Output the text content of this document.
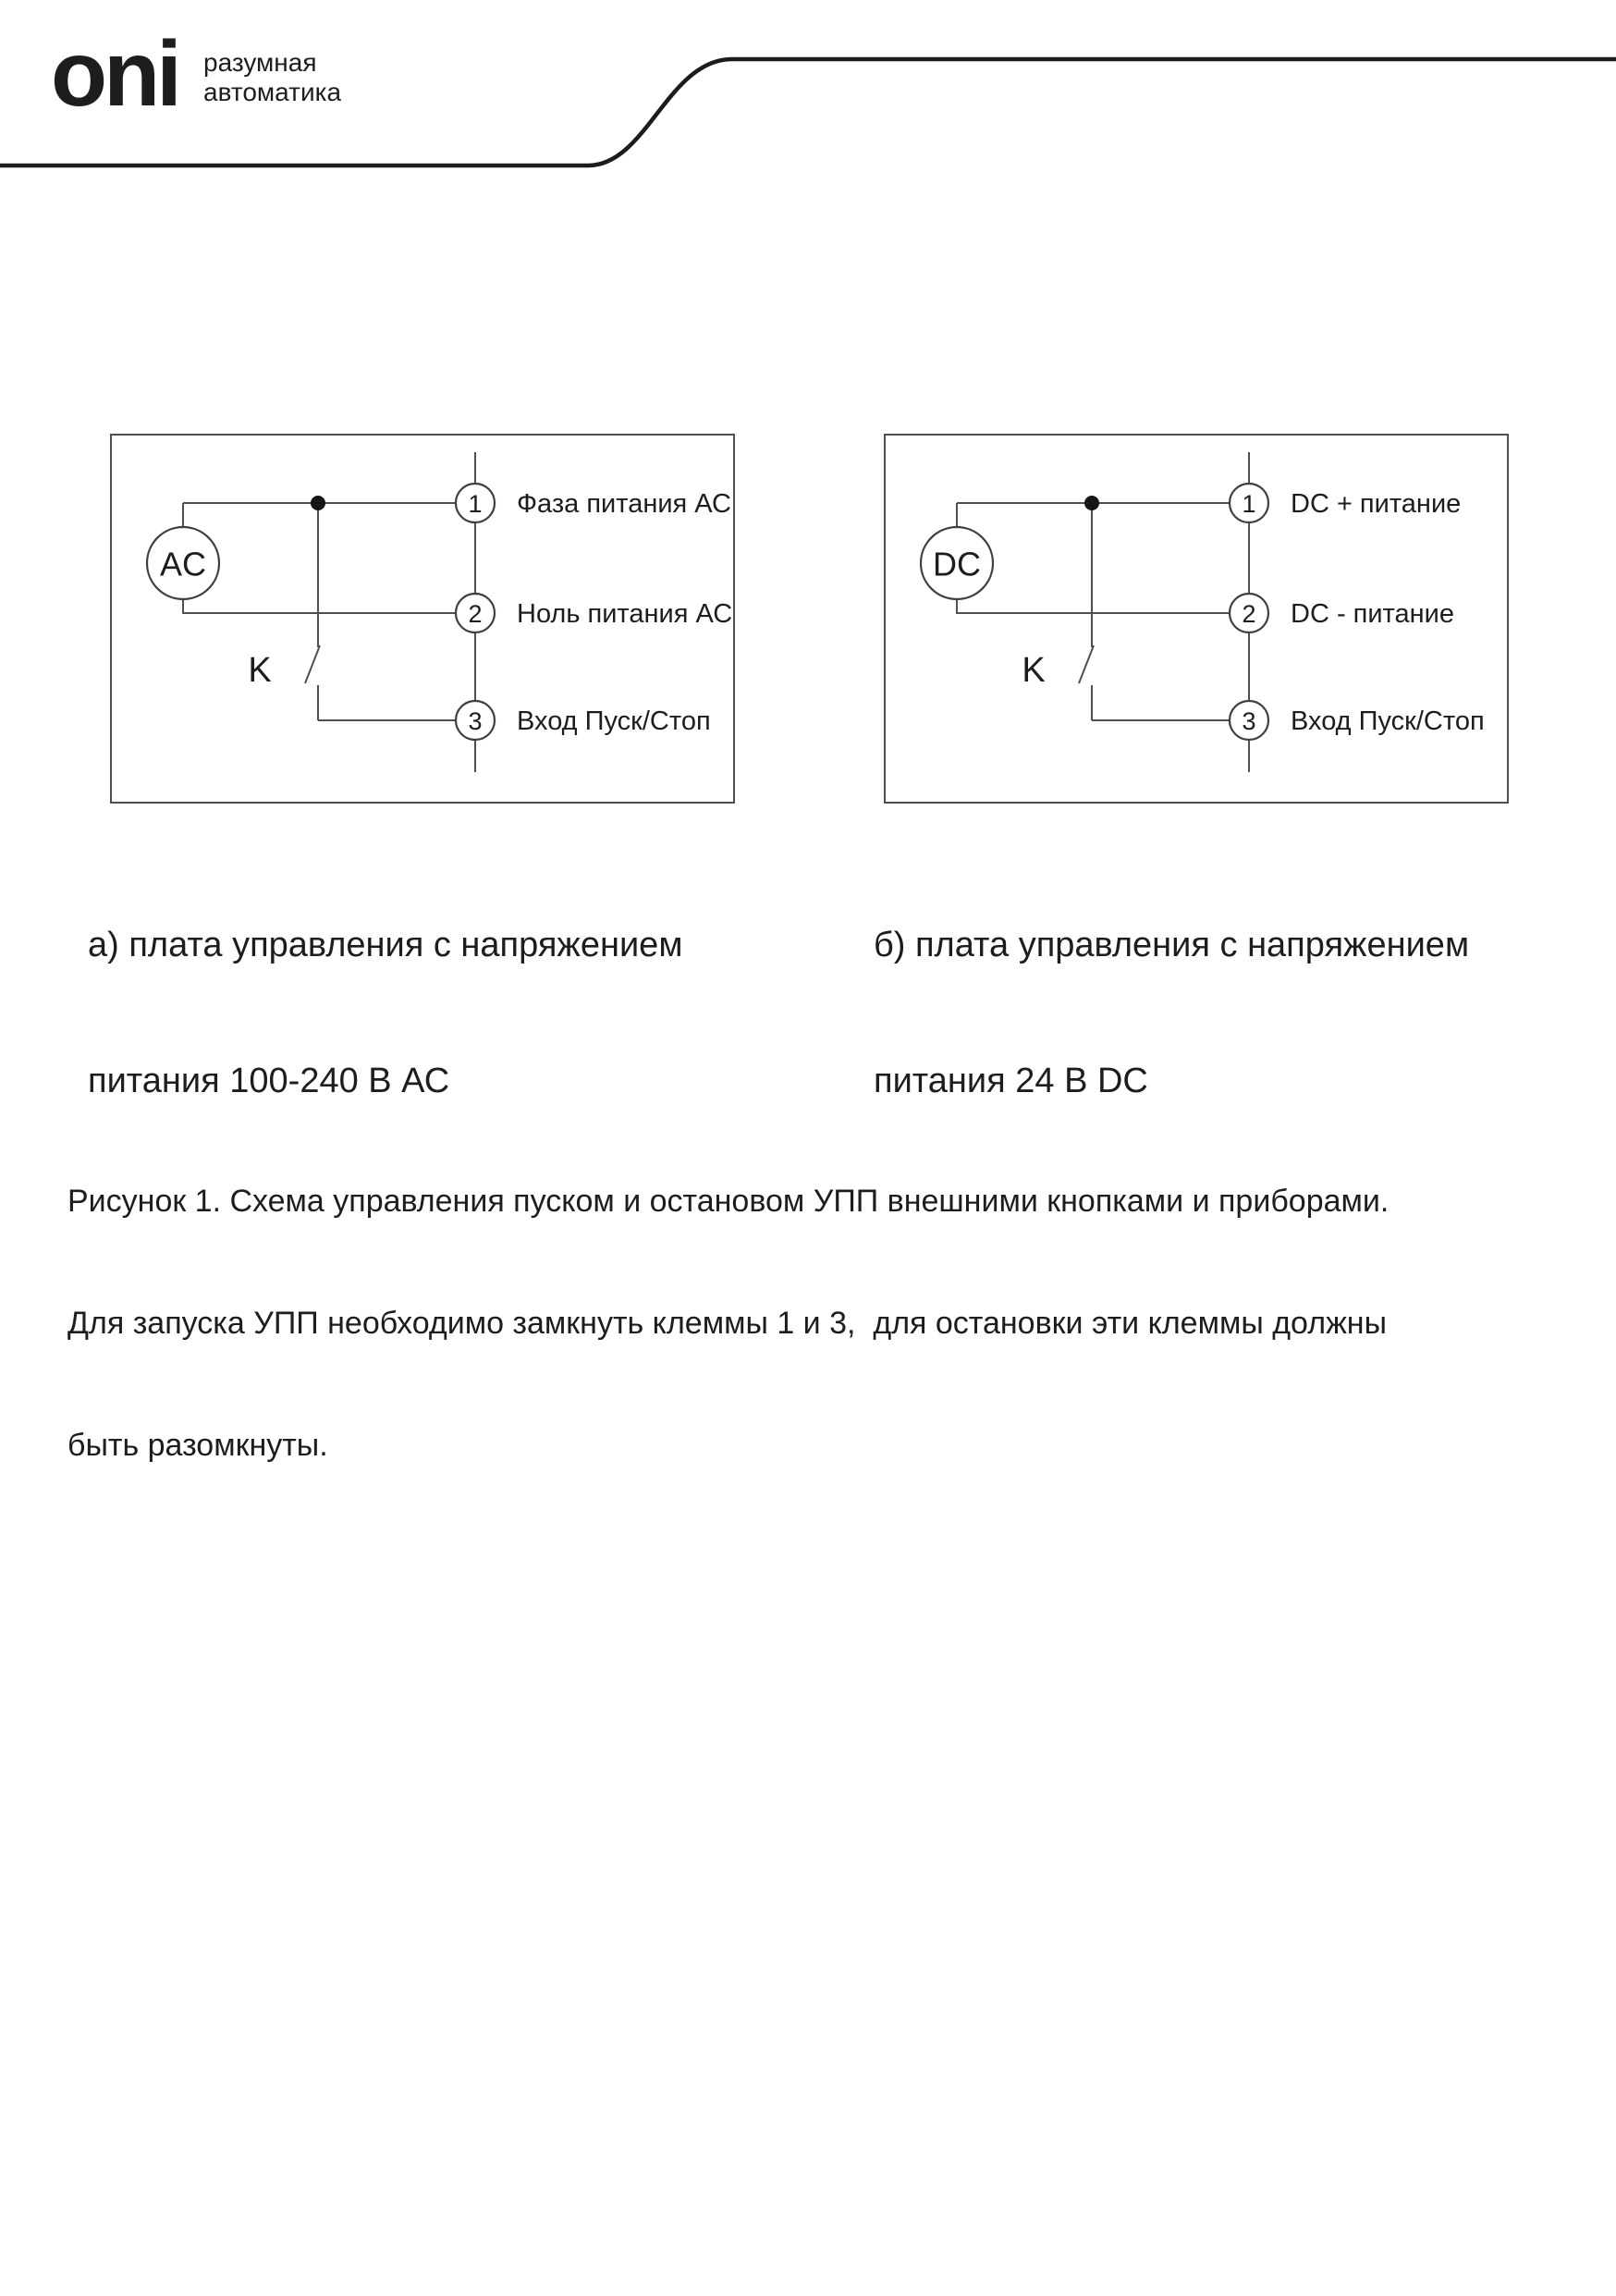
oni разумная
автоматика
AC
K
1
2
3
Фаза питания АС
Ноль питания АС
Вход Пуск/Стоп
DC
K
1
2
3
DC + питание
DC - питание
Вход Пуск/Стоп

а) плата управления с напряжением

питания 100-240 В АС

б) плата управления с напряжением

питания 24 В DC

Рисунок 1. Схема управления пуском и остановом УПП внешними кнопками и приборами.

Для запуска УПП необходимо замкнуть клеммы 1 и 3,  для остановки эти клеммы должны

быть разомкнуты.
